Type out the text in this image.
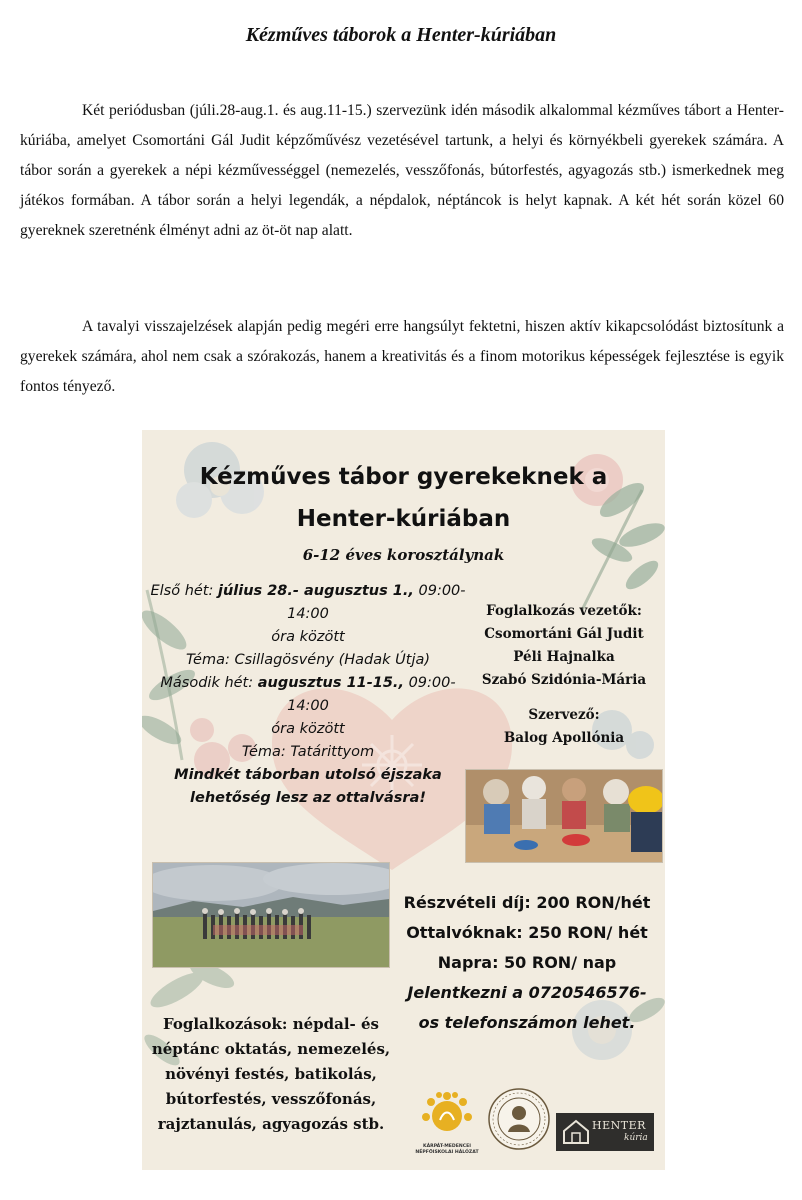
Kézműves táborok a Henter-kúriában

Két periódusban (júli.28-aug.1. és aug.11-15.) szervezünk idén második alkalommal kézműves tábort a Henter-kúriába, amelyet Csomortáni Gál Judit képzőművész vezetésével tartunk, a helyi és környékbeli gyerekek számára. A tábor során a gyerekek a népi kézművességgel (nemezelés, vesszőfonás, bútorfestés, agyagozás stb.) ismerkednek meg játékos formában. A tábor során a helyi legendák, a népdalok, néptáncok is helyt kapnak. A két hét során közel 60 gyereknek szeretnénk élményt adni az öt-öt nap alatt.

A tavalyi visszajelzések alapján pedig megéri erre hangsúlyt fektetni, hiszen aktív kikapcsolódást biztosítunk a gyerekek számára, ahol nem csak a szórakozás, hanem a kreativitás és a finom motorikus képességek fejlesztése is egyik fontos tényező.

Kézműves tábor gyerekeknek a
Henter-kúriában
6-12 éves korosztálynak
Első hét: július 28.- augusztus 1., 09:00-
14:00
óra között
Téma: Csillagösvény (Hadak Útja)
Második hét: augusztus 11-15., 09:00-
14:00
óra között
Téma: Tatárittyom
Mindkét táborban utolsó éjszaka
lehetőség lesz az ottalvásra!
Foglalkozás vezetők:
Csomortáni Gál Judit
Péli Hajnalka
Szabó Szidónia-Mária
Szervező:
Balog Apollónia
Részvételi díj: 200 RON/hét
Ottalvóknak: 250 RON/ hét
Napra: 50 RON/ nap
Jelentkezni a 0720546576-
os telefonszámon lehet.
Foglalkozások: népdal- és
néptánc oktatás, nemezelés,
növényi festés, batikolás,
bútorfestés, vesszőfonás,
rajztanulás, agyagozás stb.
KÁRPÁT-MEDENCEI
NÉPFŐISKOLAI HÁLÓZAT
HENTER
kúria
